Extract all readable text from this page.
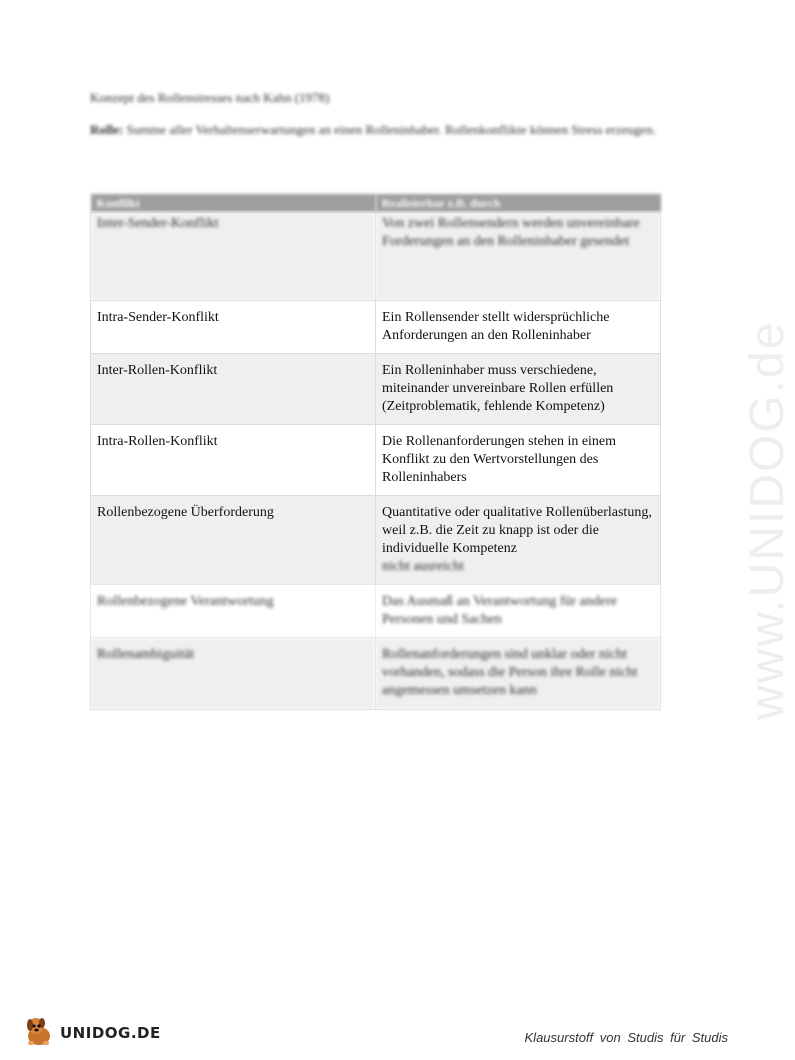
Konzept des Rollenstresses nach Kahn (1978)
Rolle: Summe aller Verhaltenserwartungen an einen Rolleninhaber. Rollenkonflikte können Stress erzeugen.
Konflikt	Realisierbar z.B. durch
Inter-Sender-Konflikt	Von zwei Rollensendern werden unvereinbare Forderungen an den Rolleninhaber gesendet
Intra-Sender-Konflikt	Ein Rollensender stellt widersprüchliche Anforderungen an den Rolleninhaber
Inter-Rollen-Konflikt	Ein Rolleninhaber muss verschiedene, miteinander unvereinbare Rollen erfüllen (Zeitproblematik, fehlende Kompetenz)
Intra-Rollen-Konflikt	Die Rollenanforderungen stehen in einem Konflikt zu den Wertvorstellungen des Rolleninhabers
Rollenbezogene Überforderung	Quantitative oder qualitative Rollenüberlastung, weil z.B. die Zeit zu knapp ist oder die individuelle Kompetenz
nicht ausreicht

Rollenbezogene Verantwortung	Das Ausmaß an Verantwortung für andere Personen und Sachen
Rollenambiguität	Rollenanforderungen sind unklar oder nicht vorhanden, sodass die Person ihre Rolle nicht angemessen umsetzen kann	www.UNIDOG.de
UNIDOG.DE	Klausurstoff von Studis für Studis
